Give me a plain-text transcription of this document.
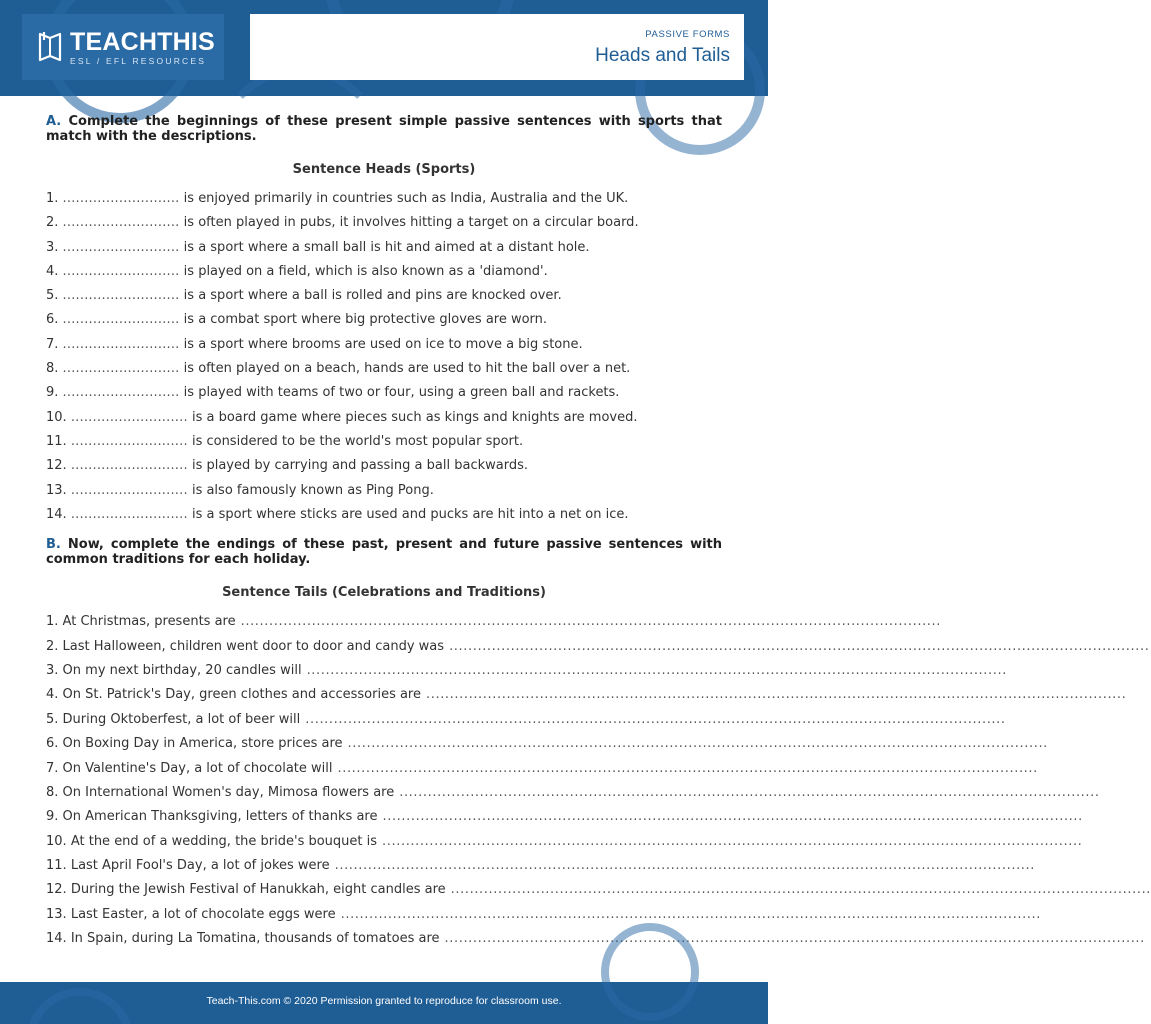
TEACHTHIS
ESL / EFL RESOURCES
PASSIVE FORMS
Heads and Tails

A. Complete the beginnings of these present simple passive sentences with sports that match with the descriptions.

Sentence Heads (Sports)
1. ........................... is enjoyed primarily in countries such as India, Australia and the UK.
2. ........................... is often played in pubs, it involves hitting a target on a circular board.
3. ........................... is a sport where a small ball is hit and aimed at a distant hole.
4. ........................... is played on a field, which is also known as a 'diamond'.
5. ........................... is a sport where a ball is rolled and pins are knocked over.
6. ........................... is a combat sport where big protective gloves are worn.
7. ........................... is a sport where brooms are used on ice to move a big stone.
8. ........................... is often played on a beach, hands are used to hit the ball over a net.
9. ........................... is played with teams of two or four, using a green ball and rackets.
10. ........................... is a board game where pieces such as kings and knights are moved.
11. ........................... is considered to be the world's most popular sport.
12. ........................... is played by carrying and passing a ball backwards.
13. ........................... is also famously known as Ping Pong.
14. ........................... is a sport where sticks are used and pucks are hit into a net on ice.

B. Now, complete the endings of these past, present and future passive sentences with common traditions for each holiday.

Sentence Tails (Celebrations and Traditions)
1. At Christmas, presents are ....................................................................................................................................................
2. Last Halloween, children went door to door and candy was ....................................................................................................................................................
3. On my next birthday, 20 candles will ....................................................................................................................................................
4. On St. Patrick's Day, green clothes and accessories are ....................................................................................................................................................
5. During Oktoberfest, a lot of beer will ....................................................................................................................................................
6. On Boxing Day in America, store prices are ....................................................................................................................................................
7. On Valentine's Day, a lot of chocolate will ....................................................................................................................................................
8. On International Women's day, Mimosa flowers are ....................................................................................................................................................
9. On American Thanksgiving, letters of thanks are ....................................................................................................................................................
10. At the end of a wedding, the bride's bouquet is ....................................................................................................................................................
11. Last April Fool's Day, a lot of jokes were ....................................................................................................................................................
12. During the Jewish Festival of Hanukkah, eight candles are ....................................................................................................................................................
13. Last Easter, a lot of chocolate eggs were ....................................................................................................................................................
14. In Spain, during La Tomatina, thousands of tomatoes are ....................................................................................................................................................
Teach-This.com © 2020 Permission granted to reproduce for classroom use.
